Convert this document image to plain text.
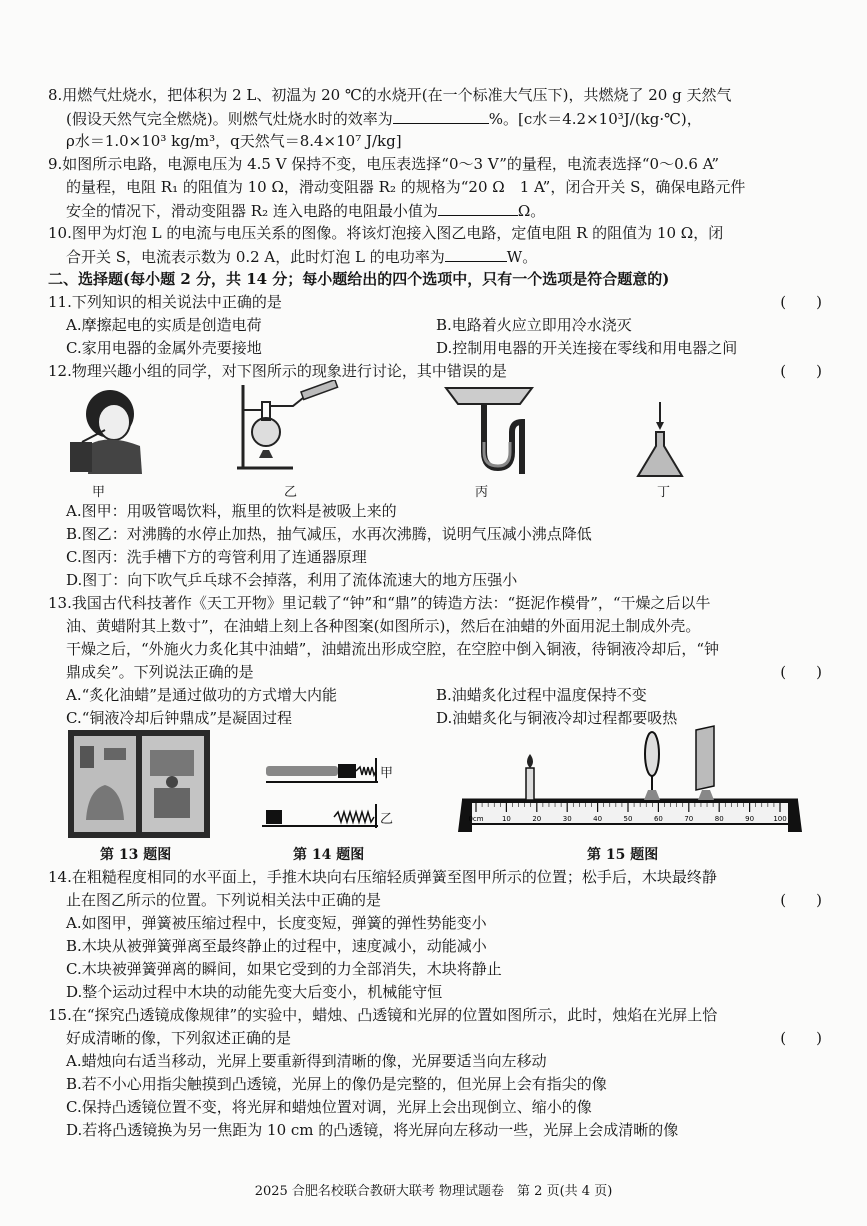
8.用燃气灶烧水，把体积为 2 L、初温为 20 ℃的水烧开(在一个标准大气压下)，共燃烧了 20 g 天然气
(假设天然气完全燃烧)。则燃气灶烧水时的效率为	%。[c水＝4.2×10³J/(kg·℃)，
ρ水＝1.0×10³ kg/m³，q天然气＝8.4×10⁷ J/kg]
9.如图所示电路，电源电压为 4.5 V 保持不变，电压表选择“0～3 V”的量程，电流表选择“0～0.6 A”
的量程，电阻 R₁ 的阻值为 10 Ω，滑动变阻器 R₂ 的规格为“20 Ω　1 A”，闭合开关 S，确保电路元件
安全的情况下，滑动变阻器 R₂ 连入电路的电阻最小值为	Ω。
10.图甲为灯泡 L 的电流与电压关系的图像。将该灯泡接入图乙电路，定值电阻 R 的阻值为 10 Ω，闭
合开关 S，电流表示数为 0.2 A，此时灯泡 L 的电功率为	W。
二、选择题(每小题 2 分，共 14 分；每小题给出的四个选项中，只有一个选项是符合题意的)
11.下列知识的相关说法中正确的是	(　　)
A.摩擦起电的实质是创造电荷	B.电路着火应立即用冷水浇灭
C.家用电器的金属外壳要接地	D.控制用电器的开关连接在零线和用电器之间
12.物理兴趣小组的同学，对下图所示的现象进行讨论，其中错误的是	(　　)
甲	乙	丙	丁
A.图甲：用吸管喝饮料，瓶里的饮料是被吸上来的
B.图乙：对沸腾的水停止加热，抽气减压，水再次沸腾，说明气压减小沸点降低
C.图丙：洗手槽下方的弯管利用了连通器原理
D.图丁：向下吹气乒乓球不会掉落，利用了流体流速大的地方压强小
13.我国古代科技著作《天工开物》里记载了“钟”和“鼎”的铸造方法：“挺泥作模骨”，“干燥之后以牛
油、黄蜡附其上数寸”，在油蜡上刻上各种图案(如图所示)，然后在油蜡的外面用泥土制成外壳。
干燥之后，“外施火力炙化其中油蜡”，油蜡流出形成空腔，在空腔中倒入铜液，待铜液冷却后，“钟
鼎成矣”。下列说法正确的是	(　　)
A.“炙化油蜡”是通过做功的方式增大内能	B.油蜡炙化过程中温度保持不变
C.“铜液冷却后钟鼎成”是凝固过程	D.油蜡炙化与铜液冷却过程都要吸热
甲
乙	0cm	10	20	30	40	50	60	70	80	90	100
第 13 题图	第 14 题图	第 15 题图
14.在粗糙程度相同的水平面上，手推木块向右压缩轻质弹簧至图甲所示的位置；松手后，木块最终静
止在图乙所示的位置。下列说相关法中正确的是	(　　)
A.如图甲，弹簧被压缩过程中，长度变短，弹簧的弹性势能变小
B.木块从被弹簧弹离至最终静止的过程中，速度减小，动能减小
C.木块被弹簧弹离的瞬间，如果它受到的力全部消失，木块将静止
D.整个运动过程中木块的动能先变大后变小，机械能守恒
15.在“探究凸透镜成像规律”的实验中，蜡烛、凸透镜和光屏的位置如图所示，此时，烛焰在光屏上恰
好成清晰的像，下列叙述正确的是	(　　)
A.蜡烛向右适当移动，光屏上要重新得到清晰的像，光屏要适当向左移动
B.若不小心用指尖触摸到凸透镜，光屏上的像仍是完整的，但光屏上会有指尖的像
C.保持凸透镜位置不变，将光屏和蜡烛位置对调，光屏上会出现倒立、缩小的像
D.若将凸透镜换为另一焦距为 10 cm 的凸透镜，将光屏向左移动一些，光屏上会成清晰的像
2025 合肥名校联合教研大联考 物理试题卷　第 2 页(共 4 页)
